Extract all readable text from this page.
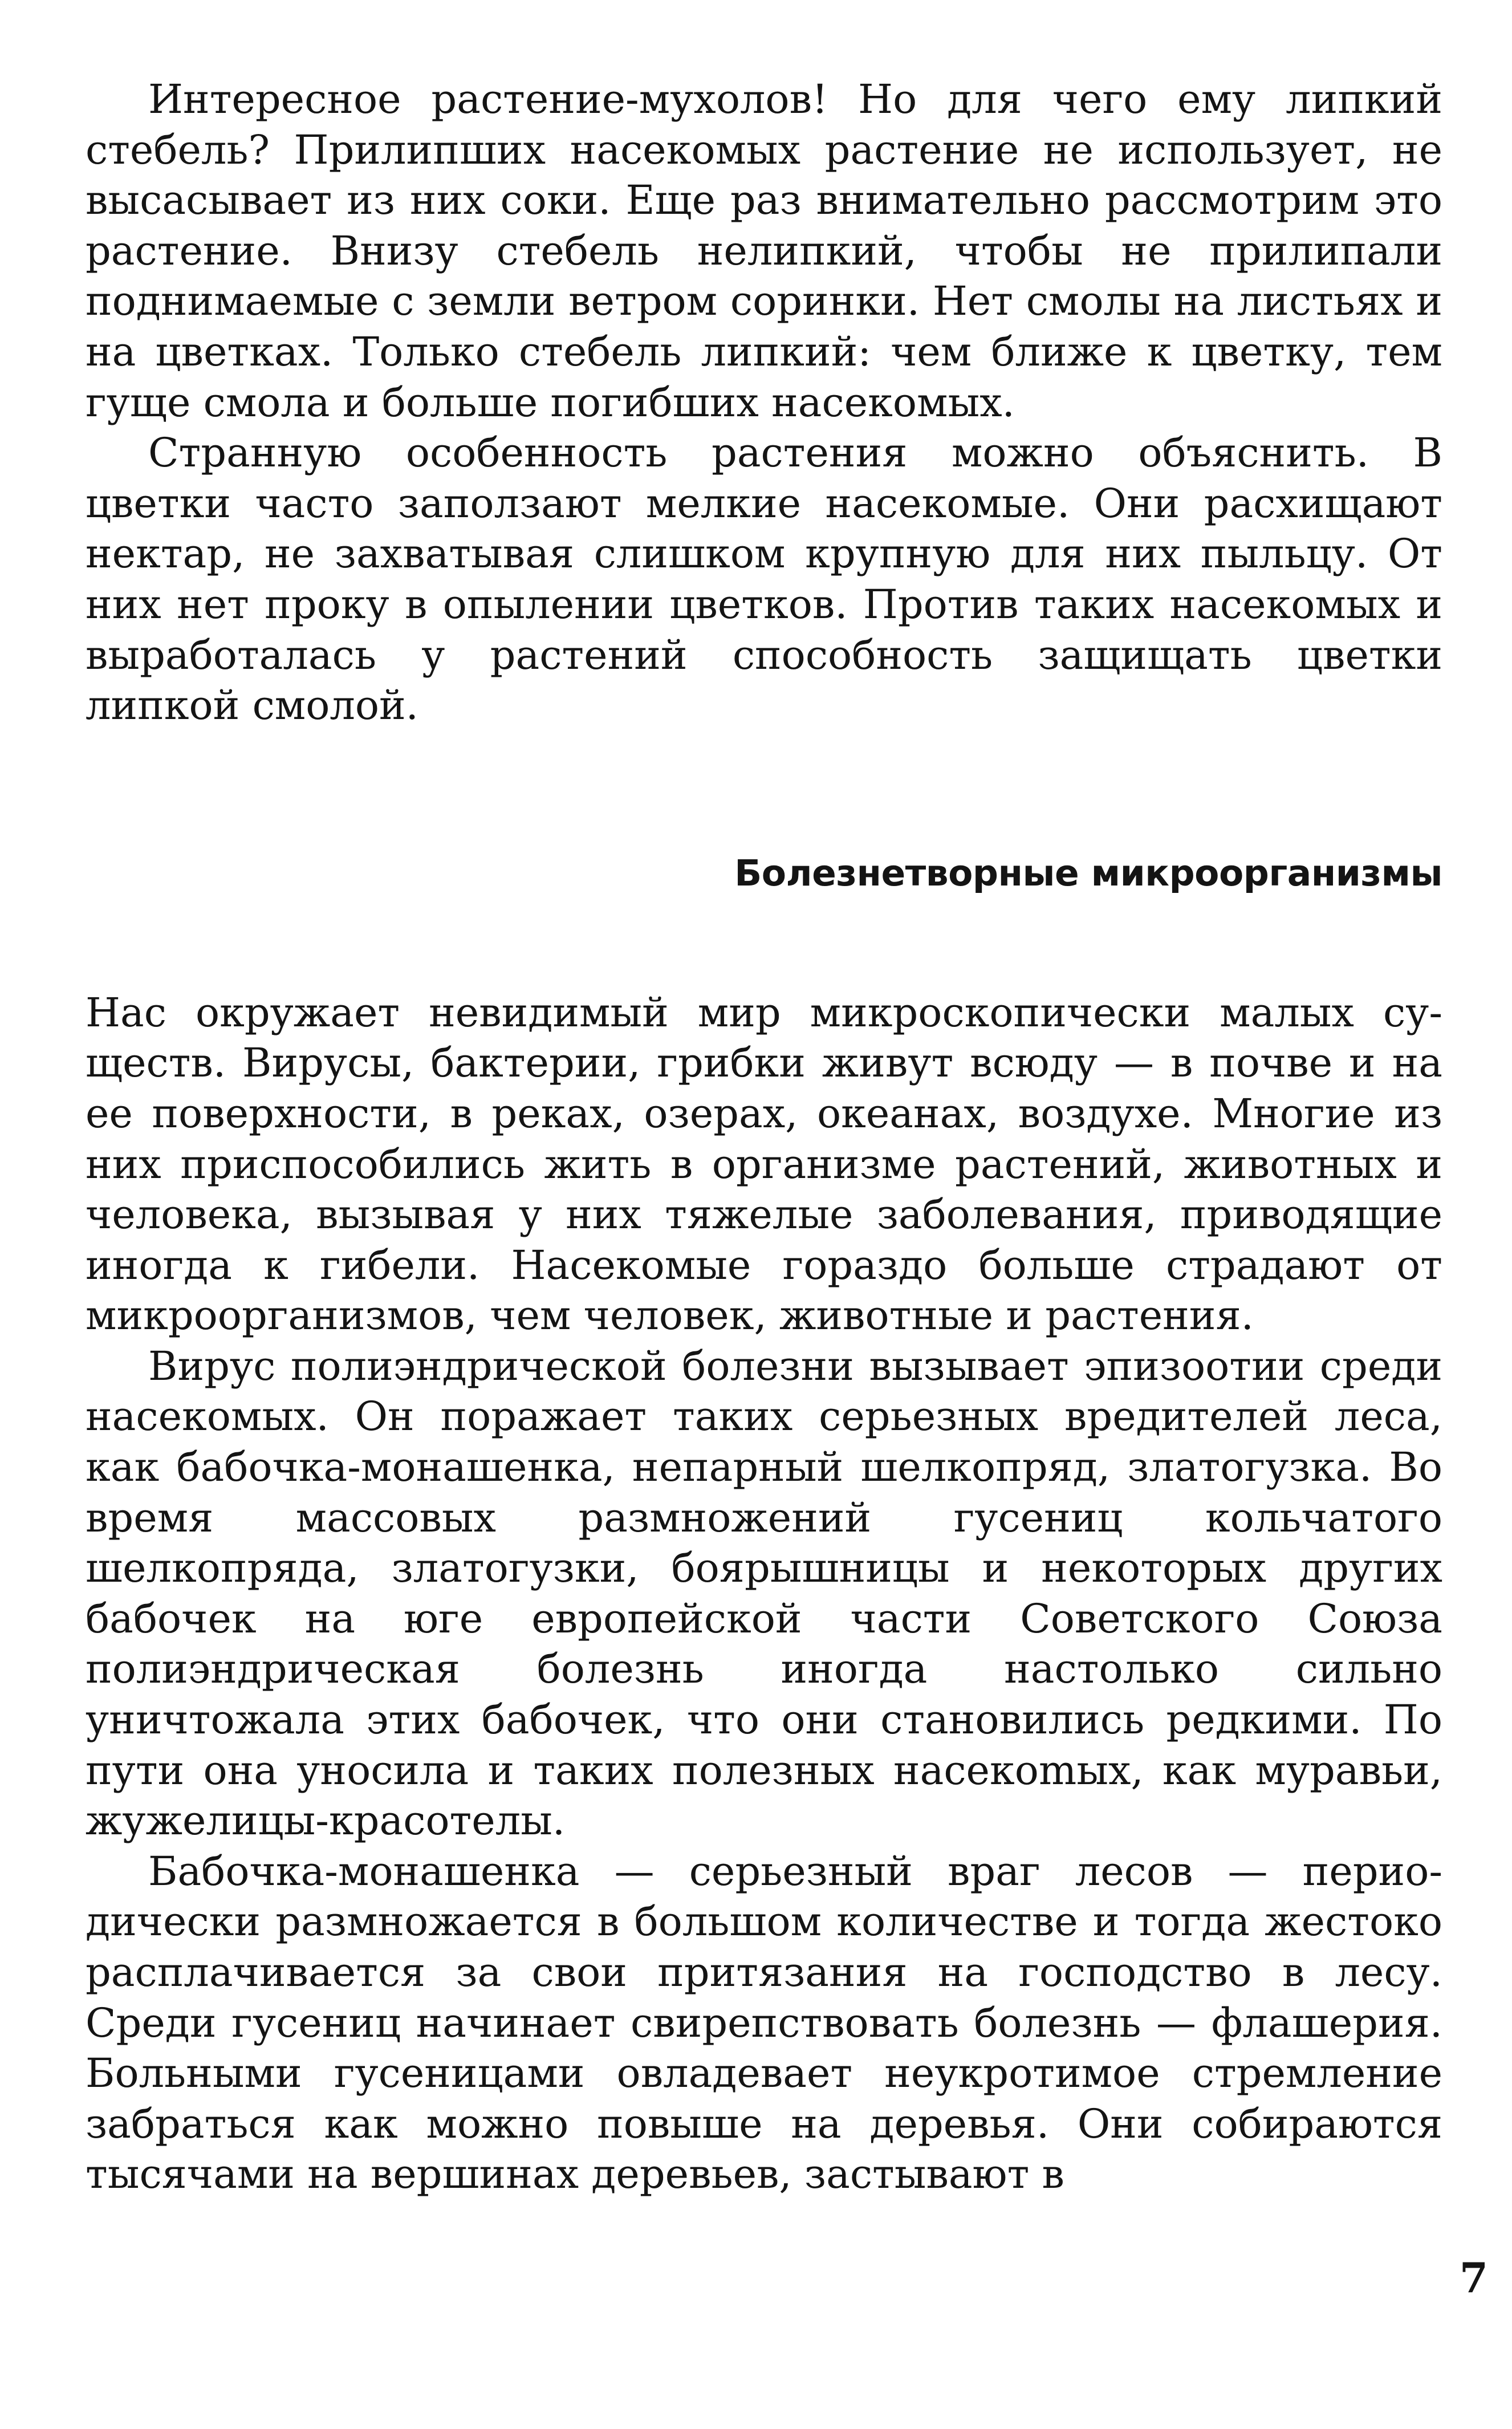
Интересное растение-мухолов! Но для чего ему липкий стебель? Прилипших насекомых растение не использует, не высасывает из них соки. Еще раз внимательно рассмотрим это растение. Внизу стебель нелипкий, чтобы не прилипали поднимаемые с земли ветром соринки. Нет смолы на листьях и на цветках. Только стебель липкий: чем ближе к цветку, тем гуще смола и больше погибших насекомых.

Странную особенность растения можно объяснить. В цветки часто заползают мелкие насекомые. Они расхищают нектар, не захватывая слишком крупную для них пыльцу. От них нет проку в опылении цветков. Против таких насекомых и выработалась у растений способность защищать цветки липкой смолой.

Болезнетворные микроорганизмы

Нас окружает невидимый мир микроскопически малых существ. Вирусы, бактерии, грибки живут всюду — в почве и на ее поверхности, в реках, озерах, океанах, воздухе. Многие из них приспособились жить в организме растений, животных и человека, вызывая у них тяжелые заболевания, приводящие иногда к гибели. Насекомые гораздо больше страдают от микроорганизмов, чем человек, животные и растения.

Вирус полиэндрической болезни вызывает эпизоотии среди насекомых. Он поражает таких серьезных вредителей леса, как бабочка-монашенка, непарный шелкопряд, златогузка. Во время массовых размножений гусениц кольчатого шелкопряда, златогузки, боярышницы и некоторых других бабочек на юге европейской части Советского Союза полиэндрическая болезнь иногда настолько сильно уничтожала этих бабочек, что они становились редкими. По пути она уносила и таких полезных насекоmых, как муравьи, жужелицы-красотелы.

Бабочка-монашенка — серьезный враг лесов — периодически размножается в большом количестве и тогда жестоко расплачивается за свои притязания на господство в лесу. Среди гусениц начинает свирепствовать болезнь — флашерия. Больными гусеницами овладевает неукротимое стремление забраться как можно повыше на деревья. Они собираются тысячами на вершинах деревьев, застывают в

7
